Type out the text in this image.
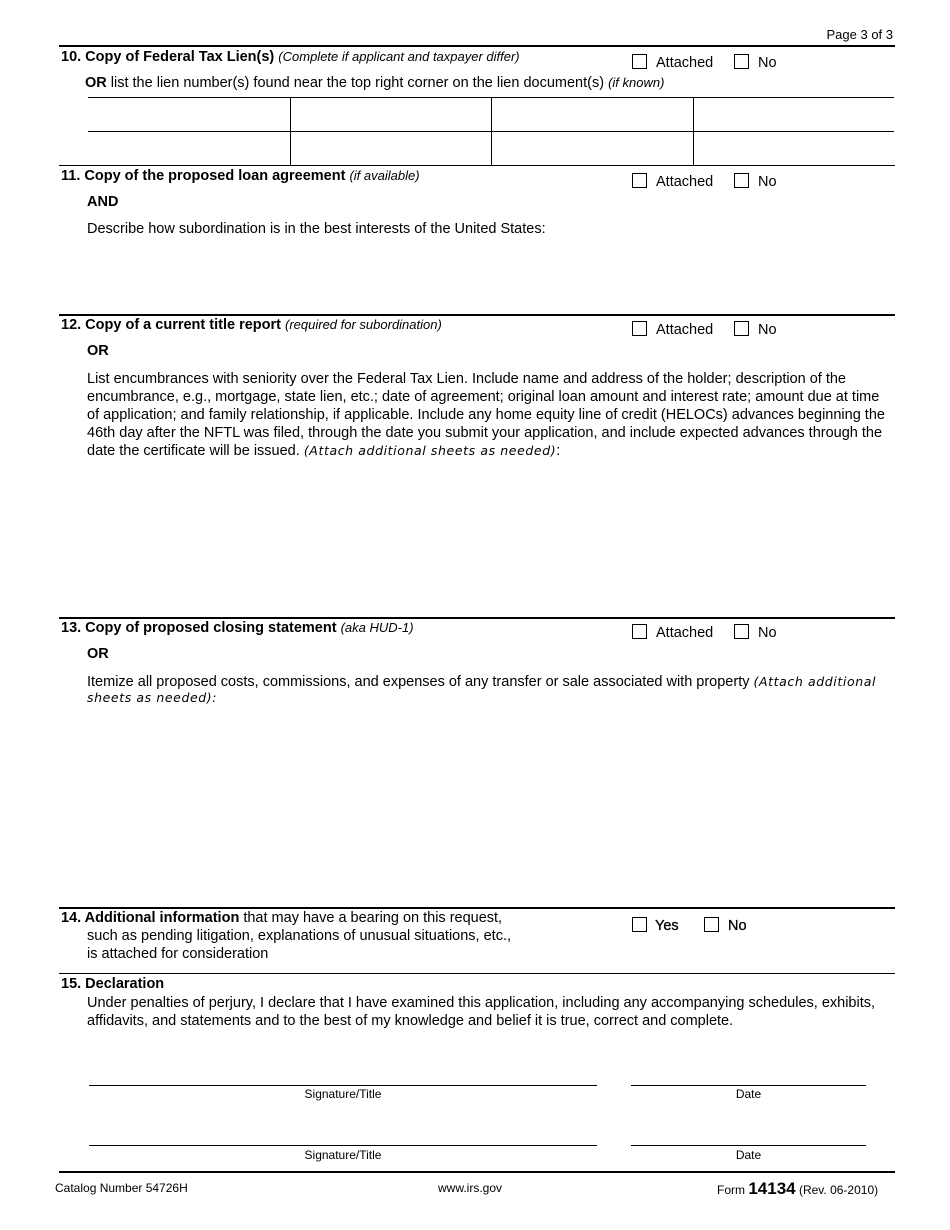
Page 3 of 3
10. Copy of Federal Tax Lien(s) (Complete if applicant and taxpayer differ)	Attached	No
OR list the lien number(s) found near the top right corner on the lien document(s) (if known)
11. Copy of the proposed loan agreement (if available)	Attached	No
AND
Describe how subordination is in the best interests of the United States:
12. Copy of a current title report (required for subordination)	Attached	No
OR
List encumbrances with seniority over the Federal Tax Lien. Include name and address of the holder; description of the encumbrance, e.g., mortgage, state lien, etc.; date of agreement; original loan amount and interest rate; amount due at time of application; and family relationship, if applicable. Include any home equity line of credit (HELOCs) advances beginning the 46th day after the NFTL was filed, through the date you submit your application, and include expected advances through the date the certificate will be issued. (Attach additional sheets as needed):
13. Copy of proposed closing statement (aka HUD-1)	Attached	No
OR
Itemize all proposed costs, commissions, and expenses of any transfer or sale associated with property (Attach additional sheets as needed):
14. Additional information that may have a bearing on this request,
such as pending litigation, explanations of unusual situations, etc.,
is attached for consideration
Yes	No
15. Declaration
Under penalties of perjury, I declare that I have examined this application, including any accompanying schedules, exhibits, affidavits, and statements and to the best of my knowledge and belief it is true, correct and complete.
Signature/Title	Date
Signature/Title	Date
Catalog Number 54726H	www.irs.gov	Form 14134 (Rev. 06-2010)
